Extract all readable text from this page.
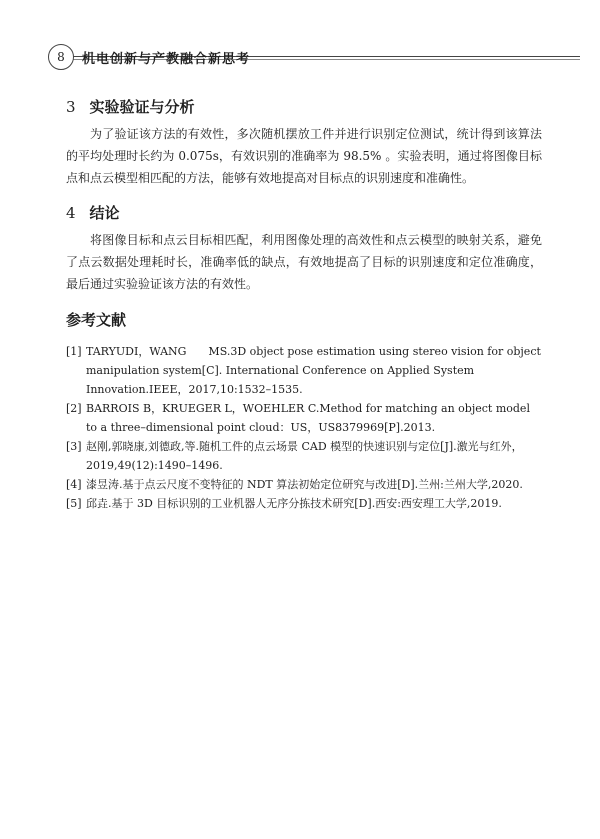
8	机电创新与产教融合新思考
3 实验验证与分析
为了验证该方法的有效性，多次随机摆放工件并进行识别定位测试，统计得到该算法的平均处理时长约为 0.075s，有效识别的准确率为 98.5% 。实验表明，通过将图像目标点和点云模型相匹配的方法，能够有效地提高对目标点的识别速度和准确性。
4 结论
将图像目标和点云目标相匹配，利用图像处理的高效性和点云模型的映射关系，避免了点云数据处理耗时长，准确率低的缺点，有效地提高了目标的识别速度和定位准确度，最后通过实验验证该方法的有效性。
参考文献
[1] TARYUDI，WANG　　MS.3D object pose estimation using stereo vision for object manipulation system[C]. International Conference on Applied System Innovation.IEEE，2017,10:1532–1535.
[2] BARROIS B，KRUEGER L，WOEHLER C.Method for matching an object model to a three–dimensional point cloud：US，US8379969[P].2013.
[3] 赵刚,郭晓康,刘德政,等.随机工件的点云场景 CAD 模型的快速识别与定位[J].激光与红外，2019,49(12):1490–1496.
[4] 漆昱涛.基于点云尺度不变特征的 NDT 算法初始定位研究与改进[D].兰州:兰州大学,2020.
[5] 邱垚.基于 3D 目标识别的工业机器人无序分拣技术研究[D].西安:西安理工大学,2019.
